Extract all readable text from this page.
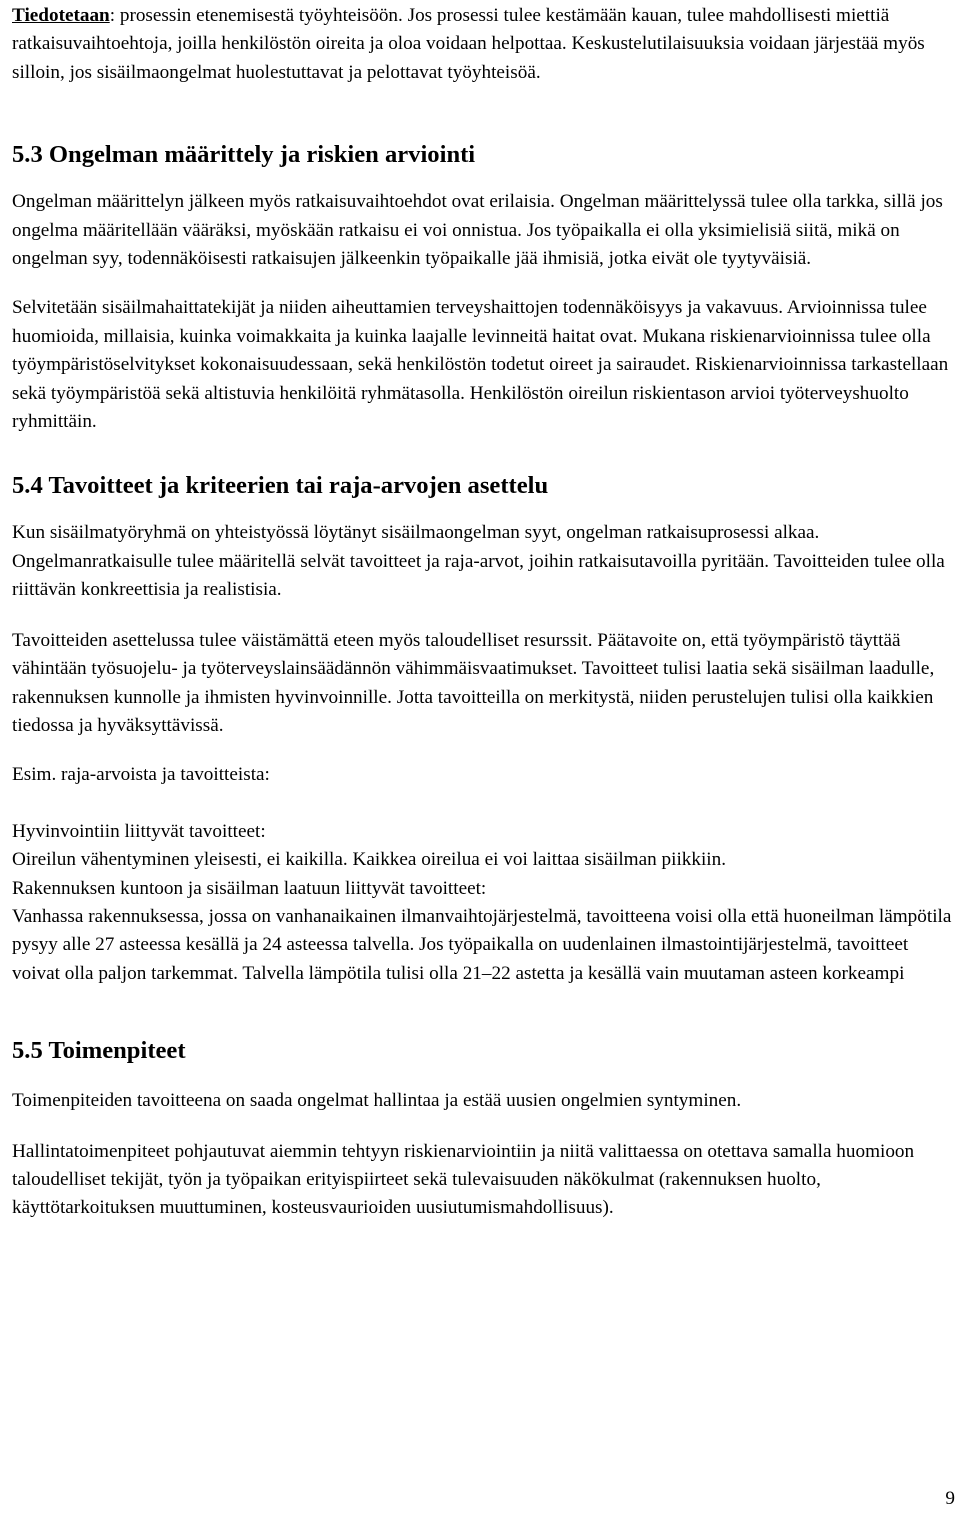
Tiedotetaan: prosessin etenemisestä työyhteisöön. Jos prosessi tulee kestämään kauan, tulee mahdollisesti miettiä ratkaisuvaihtoehtoja, joilla henkilöstön oireita ja oloa voidaan helpottaa. Keskustelutilaisuuksia voidaan järjestää myös silloin, jos sisäilmaongelmat huolestuttavat ja pelottavat työyhteisöä.

5.3 Ongelman määrittely ja riskien arviointi

Ongelman määrittelyn jälkeen myös ratkaisuvaihtoehdot ovat erilaisia. Ongelman määrittelyssä tulee olla tarkka, sillä jos ongelma määritellään vääräksi, myöskään ratkaisu ei voi onnistua. Jos työpaikalla ei olla yksimielisiä siitä, mikä on ongelman syy, todennäköisesti ratkaisujen jälkeenkin työpaikalle jää ihmisiä, jotka eivät ole tyytyväisiä.

Selvitetään sisäilmahaittatekijät ja niiden aiheuttamien terveyshaittojen todennäköisyys ja vakavuus. Arvioinnissa tulee huomioida, millaisia, kuinka voimakkaita ja kuinka laajalle levinneitä haitat ovat. Mukana riskienarvioinnissa tulee olla työympäristöselvitykset kokonaisuudessaan, sekä henkilöstön todetut oireet ja sairaudet. Riskienarvioinnissa tarkastellaan sekä työympäristöä sekä altistuvia henkilöitä ryhmätasolla. Henkilöstön oireilun riskientason arvioi työterveyshuolto ryhmittäin.

5.4 Tavoitteet ja kriteerien tai raja-arvojen asettelu

Kun sisäilmatyöryhmä on yhteistyössä löytänyt sisäilmaongelman syyt, ongelman ratkaisuprosessi alkaa. Ongelmanratkaisulle tulee määritellä selvät tavoitteet ja raja-arvot, joihin ratkaisutavoilla pyritään. Tavoitteiden tulee olla riittävän konkreettisia ja realistisia.

Tavoitteiden asettelussa tulee väistämättä eteen myös taloudelliset resurssit. Päätavoite on, että työympäristö täyttää vähintään työsuojelu- ja työterveyslainsäädännön vähimmäisvaatimukset. Tavoitteet tulisi laatia sekä sisäilman laadulle, rakennuksen kunnolle ja ihmisten hyvinvoinnille. Jotta tavoitteilla on merkitystä, niiden perustelujen tulisi olla kaikkien tiedossa ja hyväksyttävissä.

Esim. raja-arvoista ja tavoitteista:

Hyvinvointiin liittyvät tavoitteet:

Oireilun vähentyminen yleisesti, ei kaikilla. Kaikkea oireilua ei voi laittaa sisäilman piikkiin.

Rakennuksen kuntoon ja sisäilman laatuun liittyvät tavoitteet:

Vanhassa rakennuksessa, jossa on vanhanaikainen ilmanvaihtojärjestelmä, tavoitteena voisi olla että huoneilman lämpötila pysyy alle 27 asteessa kesällä ja 24 asteessa talvella. Jos työpaikalla on uudenlainen ilmastointijärjestelmä, tavoitteet voivat olla paljon tarkemmat. Talvella lämpötila tulisi olla 21–22 astetta ja kesällä vain muutaman asteen korkeampi

5.5 Toimenpiteet

Toimenpiteiden tavoitteena on saada ongelmat hallintaa ja estää uusien ongelmien syntyminen.

Hallintatoimenpiteet pohjautuvat aiemmin tehtyyn riskienarviointiin ja niitä valittaessa on otettava samalla huomioon taloudelliset tekijät, työn ja työpaikan erityispiirteet sekä tulevaisuuden näkökulmat (rakennuksen huolto, käyttötarkoituksen muuttuminen, kosteusvaurioiden uusiutumismahdollisuus).

9
